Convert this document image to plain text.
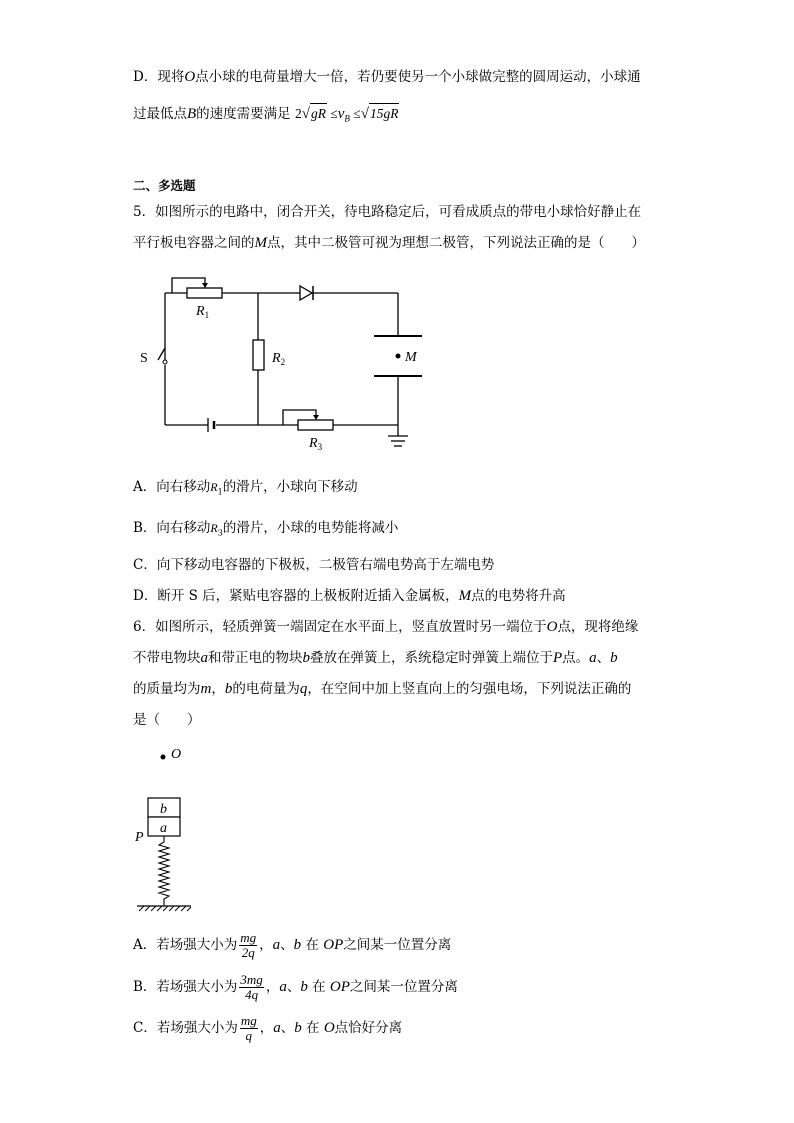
D．现将O点小球的电荷量增大一倍，若仍要使另一个小球做完整的圆周运动，小球通
过最低点B的速度需要满足 $2√gR \le v_B \le√15gR$
二、多选题
5．如图所示的电路中，闭合开关，待电路稳定后，可看成质点的带电小球恰好静止在
平行板电容器之间的M点，其中二极管可视为理想二极管，下列说法正确的是（　　）
$R_1$
$R_2$
$R_3$
S	M
A．向右移动$R_1$的滑片，小球向下移动
B．向右移动$R_3$的滑片，小球的电势能将减小
C．向下移动电容器的下极板，二极管右端电势高于左端电势
D．断开 S 后，紧贴电容器的上极板附近插入金属板，M点的电势将升高
6．如图所示，轻质弹簧一端固定在水平面上，竖直放置时另一端位于O点，现将绝缘
不带电物块a和带正电的物块b叠放在弹簧上，系统稳定时弹簧上端位于P点。a、b
的质量均为m，b的电荷量为q，在空间中加上竖直向上的匀强电场，下列说法正确的
是（　　）
O
b
a
P
A．若场强大小为 $\frac{mg}{2q}$ ，a、b 在 OP之间某一位置分离
B．若场强大小为 $\frac{3mg}{4q}$ ，a、b 在 OP之间某一位置分离
C．若场强大小为 $\frac{mg}{q}$ ，a、b 在 O点恰好分离
